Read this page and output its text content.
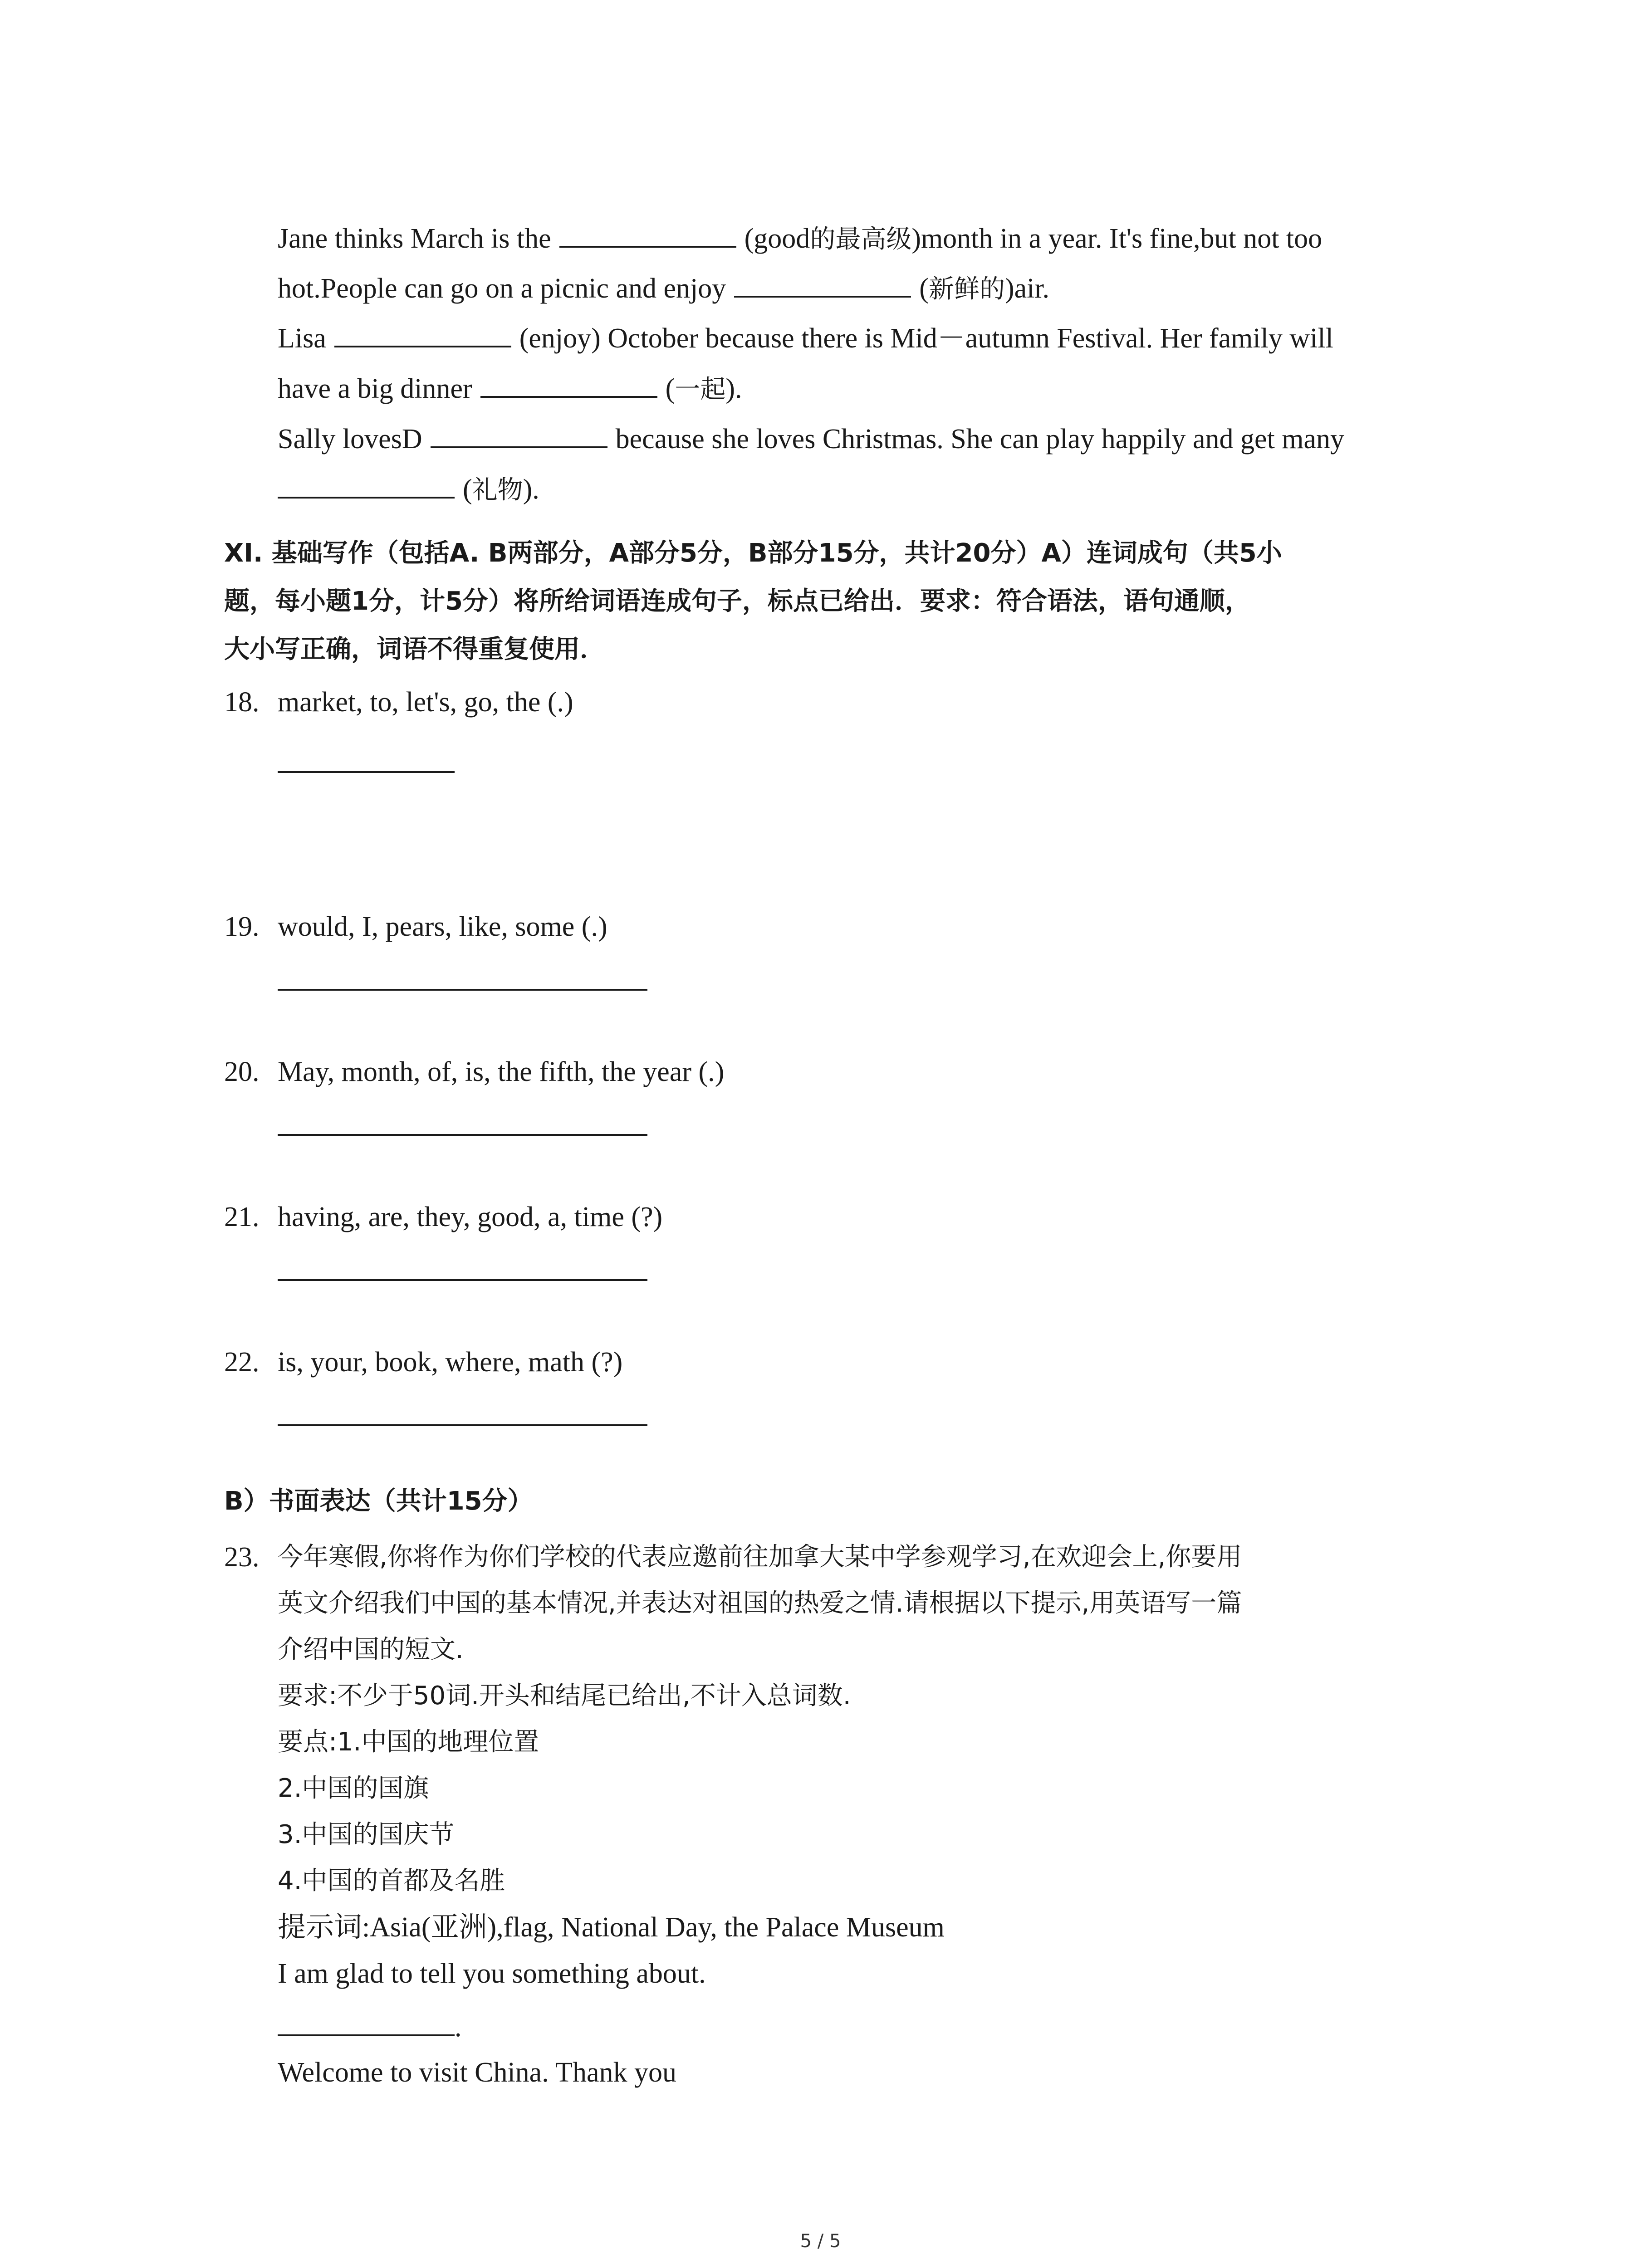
Jane thinks March is the	(good的最高级)month in a year. It's fine,but not too
hot.People can go on a picnic and enjoy	(新鲜的)air.
Lisa	(enjoy) October because there is Mid－autumn Festival. Her family will
have a big dinner	(一起).
Sally lovesD	because she loves Christmas. She can play happily and get many
(礼物).
XI. 基础写作（包括A. B两部分，A部分5分，B部分15分，共计20分）A）连词成句（共5小
题，每小题1分，计5分）将所给词语连成句子，标点已给出．要求：符合语法，语句通顺，
大小写正确，词语不得重复使用．
18. market, to, let's, go, the (.)
19. would, I, pears, like, some (.)
20. May, month, of, is, the fifth, the year (.)
21. having, are, they, good, a, time (?)
22. is, your, book, where, math (?)
B）书面表达（共计15分）
23. 今年寒假,你将作为你们学校的代表应邀前往加拿大某中学参观学习,在欢迎会上,你要用
英文介绍我们中国的基本情况,并表达对祖国的热爱之情.请根据以下提示,用英语写一篇
介绍中国的短文.
要求:不少于50词.开头和结尾已给出,不计入总词数.
要点:1.中国的地理位置
2.中国的国旗
3.中国的国庆节
4.中国的首都及名胜
提示词:Asia(亚洲),flag, National Day, the Palace Museum
I am glad to tell you something about.
.
Welcome to visit China. Thank you
5 / 5
